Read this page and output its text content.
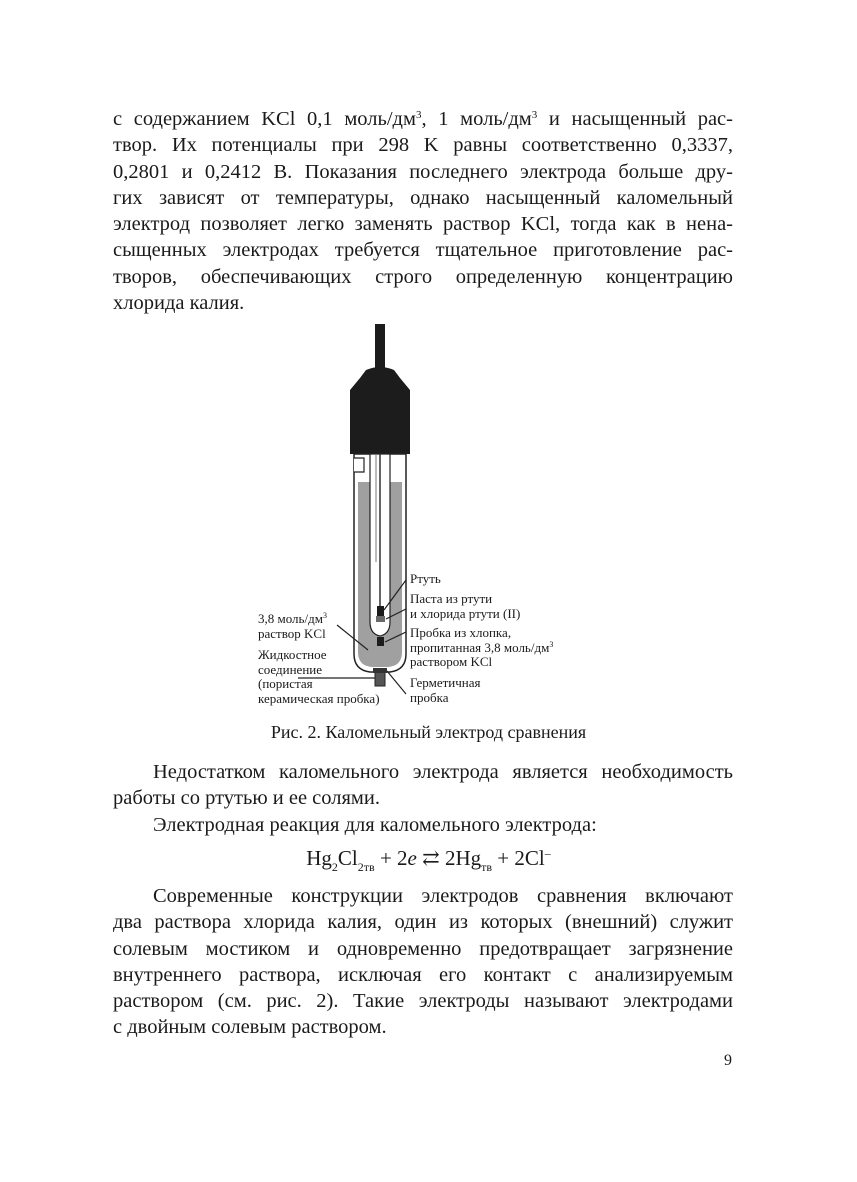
с содержанием KCl 0,1 моль/$дм^3$, 1 моль/$дм^3$ и насыщенный рас-
твор. Их потенциалы при 298 K равны соответственно 0,3337,
0,2801 и 0,2412 В. Показания последнего электрода больше дру-
гих зависят от температуры, однако насыщенный каломельный
электрод позволяет легко заменять раствор KCl, тогда как в нена-
сыщенных электродах требуется тщательное приготовление рас-
творов, обеспечивающих строго определенную концентрацию
хлорида калия.

Ртуть
Паста из ртути
и хлорида ртути (II)
Пробка из хлопка,
пропитанная 3,8 моль/$дм^3$
раствором KCl
3,8 моль/$дм^3$
раствор KCl
Жидкостное
соединение
(пористая
керамическая пробка)
Герметичная
пробка
Рис. 2. Каломельный электрод сравнения

Недостатком каломельного электрода является необходимость
работы со ртутью и ее солями.

Электродная реакция для каломельного электрода:

$Hg_2Cl_{2тв} + 2e$ ⇄ $2Hg_{тв} + 2Cl^-$

Современные конструкции электродов сравнения включают
два раствора хлорида калия, один из которых (внешний) служит
солевым мостиком и одновременно предотвращает загрязнение
внутреннего раствора, исключая его контакт с анализируемым
раствором (см. рис. 2). Такие электроды называют электродами
с двойным солевым раствором.

9
